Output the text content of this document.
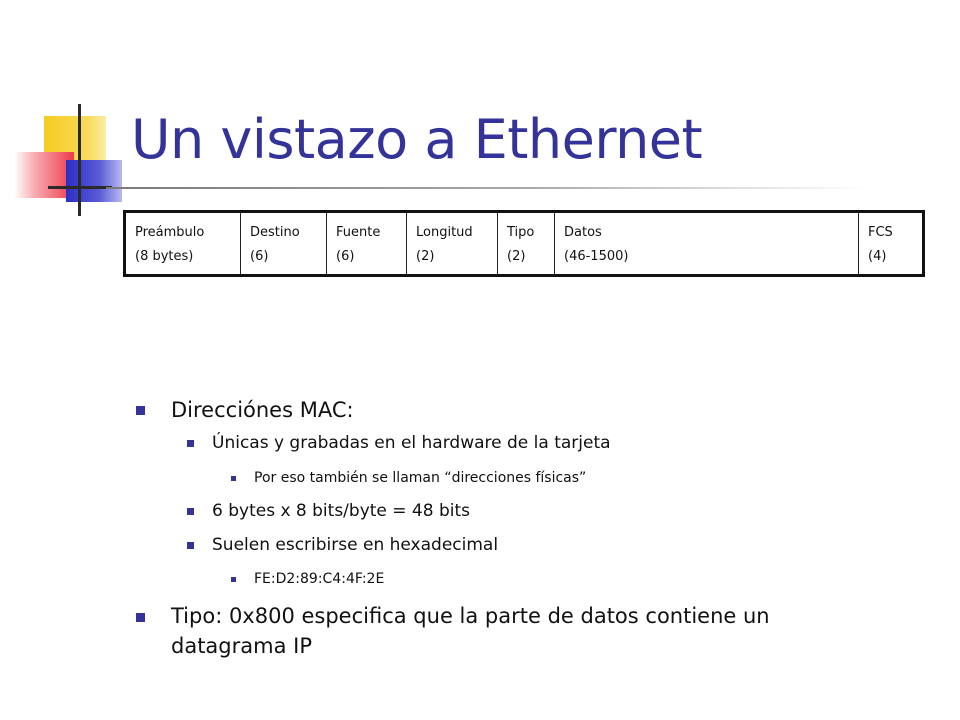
Un vistazo a Ethernet
Preámbulo
(8 bytes)

Destino
(6)

Fuente
(6)

Longitud
(2)

Tipo
(2)

Datos
(46-1500)

FCS
(4)
Direcciónes MAC:
Únicas y grabadas en el hardware de la tarjeta
Por eso también se llaman “direcciones físicas”
6 bytes x 8 bits/byte = 48 bits
Suelen escribirse en hexadecimal
FE:D2:89:C4:4F:2E
Tipo: 0x800 especifica que la parte de datos contiene un
datagrama IP
